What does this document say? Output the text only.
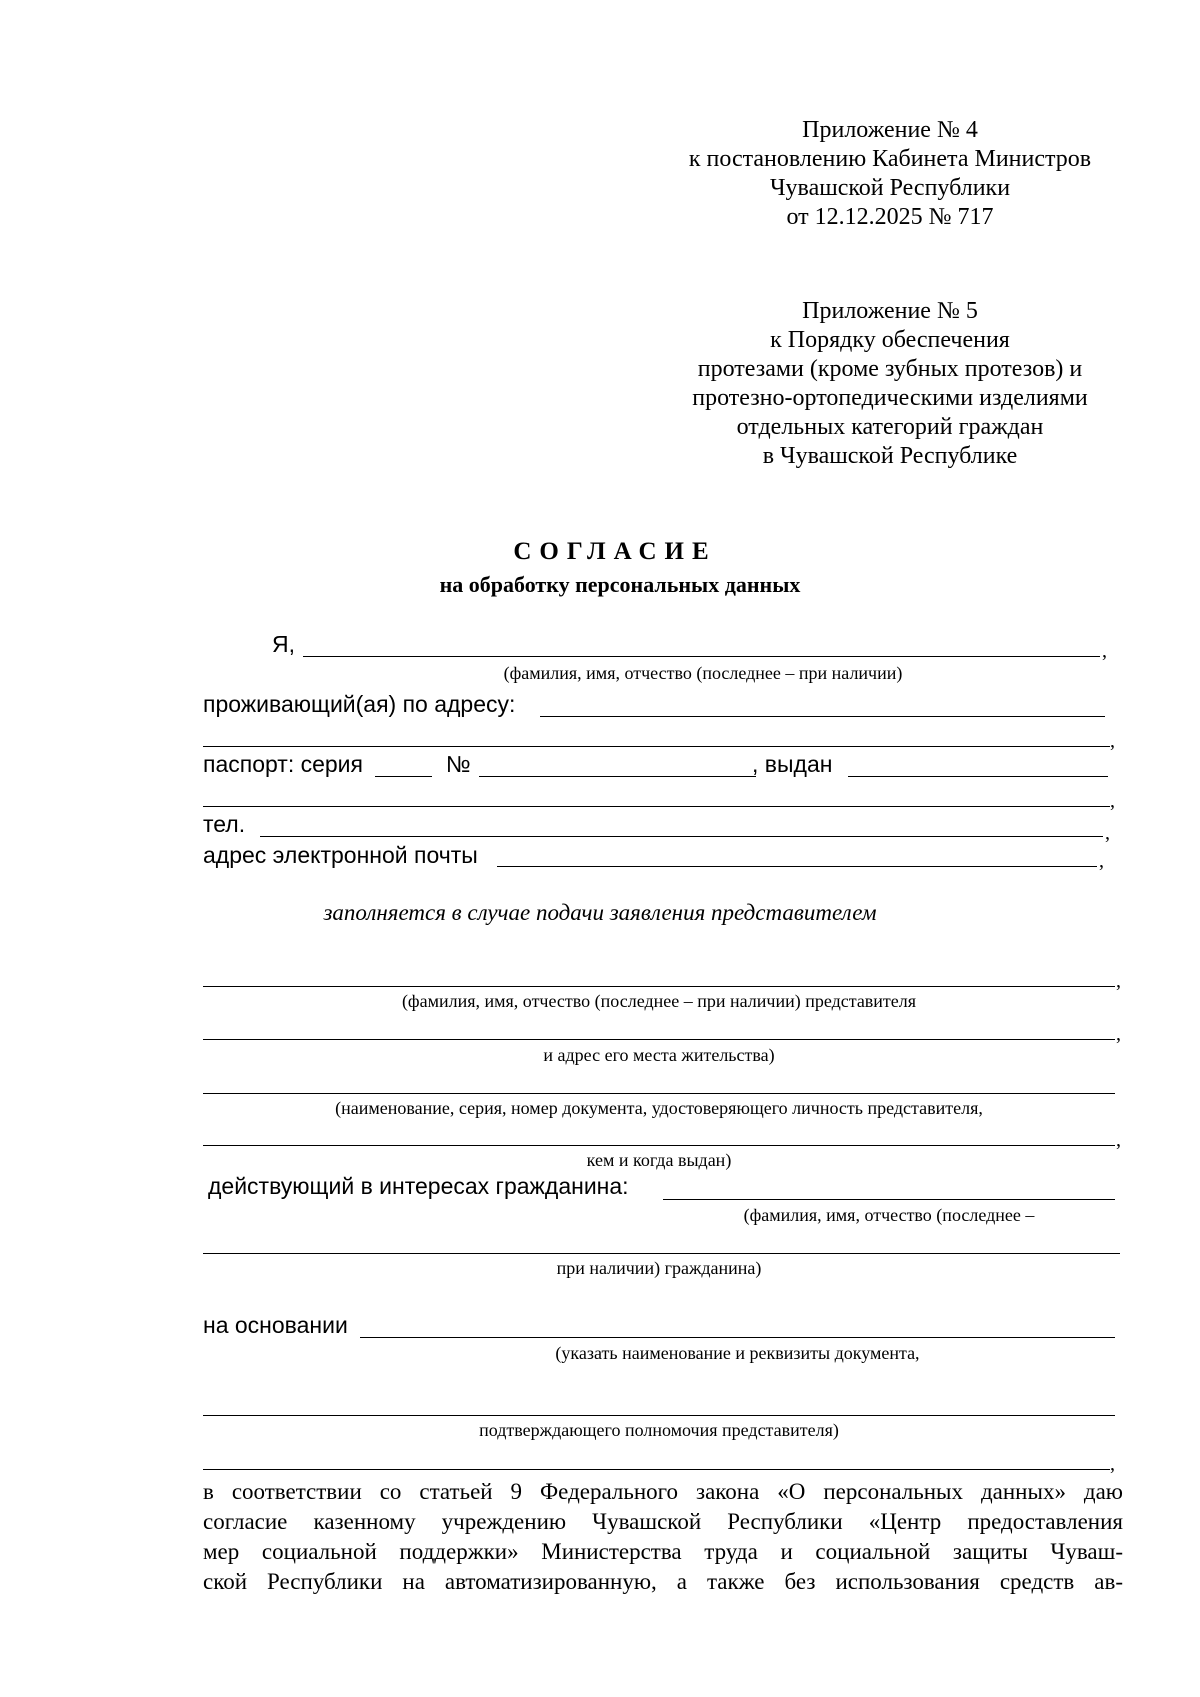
Приложение № 4
к постановлению Кабинета Министров
Чувашской Республики
от 12.12.2025 № 717
Приложение № 5
к Порядку обеспечения
протезами (кроме зубных протезов) и
протезно-ортопедическими изделиями
отдельных категорий граждан
в Чувашской Республике
СОГЛАСИЕ
на обработку персональных данных
Я,	,
(фамилия, имя, отчество (последнее – при наличии)
проживающий(ая) по адресу:
,
паспорт: серия	№	, выдан
,
тел.	,
адрес электронной почты	,
заполняется в случае подачи заявления представителем
,
(фамилия, имя, отчество (последнее – при наличии) представителя
,
и адрес его места жительства)
(наименование, серия, номер документа, удостоверяющего личность представителя,
,
кем и когда выдан)
действующий в интересах гражданина:
(фамилия, имя, отчество (последнее –
при наличии) гражданина)
на основании
(указать наименование и реквизиты документа,
подтверждающего полномочия представителя)
,
в соответствии со статьей 9 Федерального закона «О персональных данных» даю
согласие казенному учреждению Чувашской Республики «Центр предоставления
мер социальной поддержки» Министерства труда и социальной защиты Чуваш-
ской Республики на автоматизированную, а также без использования средств ав-
